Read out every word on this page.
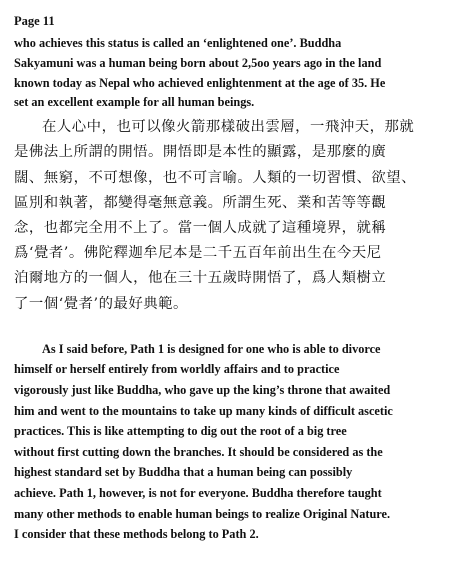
Page 11
who achieves this status is called an ‘enlightened one’. Buddha
Sakyamuni was a human being born about 2,5oo years ago in the land
known today as Nepal who achieved enlightenment at the age of 35. He
set an excellent example for all human beings.
在人心中，也可以像火箭那樣破出雲層，一飛沖天，那就
是佛法上所謂的開悟。開悟即是本性的顯露，是那麼的廣
闊、無窮，不可想像，也不可言喻。人類的一切習慣、欲望、
區別和執著，都變得毫無意義。所謂生死、業和苦等等觀
念，也都完全用不上了。當一個人成就了這種境界，就稱
爲‘覺者’。佛陀釋迦牟尼本是二千五百年前出生在今天尼
泊爾地方的一個人，他在三十五歲時開悟了，爲人類樹立
了一個‘覺者’的最好典範。
As I said before, Path 1 is designed for one who is able to divorce
himself or herself entirely from worldly affairs and to practice
vigorously just like Buddha, who gave up the king’s throne that awaited
him and went to the mountains to take up many kinds of difficult ascetic
practices. This is like attempting to dig out the root of a big tree
without first cutting down the branches. It should be considered as the
highest standard set by Buddha that a human being can possibly
achieve. Path 1, however, is not for everyone. Buddha therefore taught
many other methods to enable human beings to realize Original Nature.
I consider that these methods belong to Path 2.
